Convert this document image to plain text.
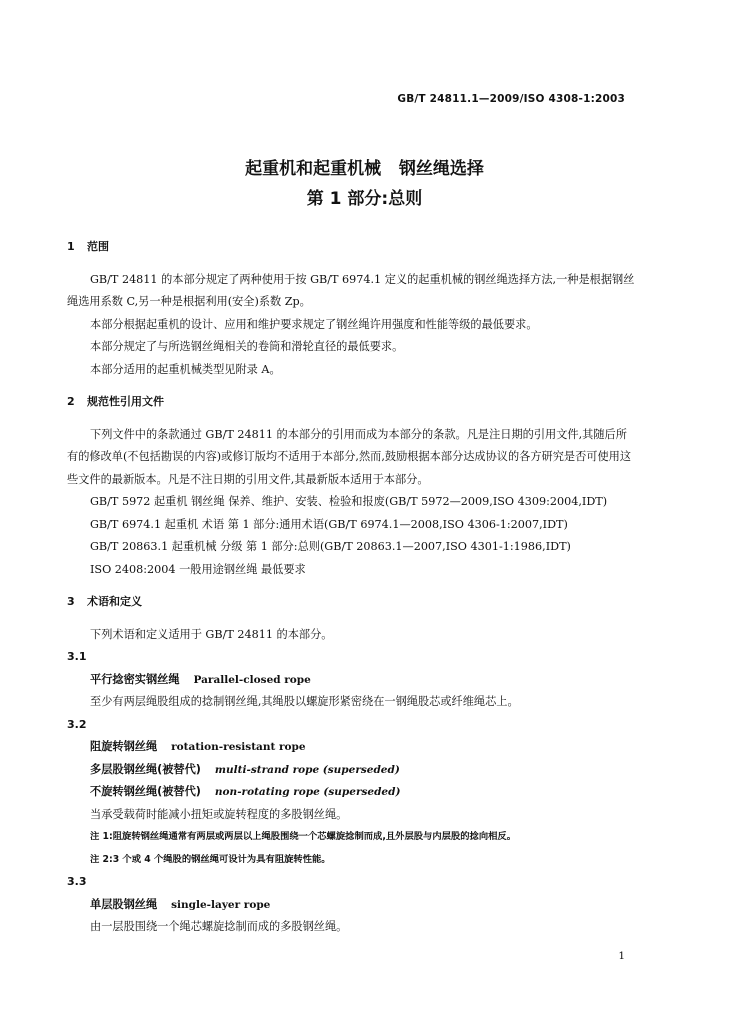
GB/T 24811.1—2009/ISO 4308-1:2003
起重机和起重机械   钢丝绳选择
第 1 部分:总则
1 范围

GB/T 24811 的本部分规定了两种使用于按 GB/T 6974.1 定义的起重机械的钢丝绳选择方法,一种是根据钢丝绳选用系数 C,另一种是根据利用(安全)系数 Zp。

本部分根据起重机的设计、应用和维护要求规定了钢丝绳许用强度和性能等级的最低要求。

本部分规定了与所选钢丝绳相关的卷筒和滑轮直径的最低要求。

本部分适用的起重机械类型见附录 A。

2 规范性引用文件

下列文件中的条款通过 GB/T 24811 的本部分的引用而成为本部分的条款。凡是注日期的引用文件,其随后所有的修改单(不包括勘误的内容)或修订版均不适用于本部分,然而,鼓励根据本部分达成协议的各方研究是否可使用这些文件的最新版本。凡是不注日期的引用文件,其最新版本适用于本部分。

GB/T 5972 起重机 钢丝绳 保养、维护、安装、检验和报废(GB/T 5972—2009,ISO 4309:2004,IDT)

GB/T 6974.1 起重机 术语 第 1 部分:通用术语(GB/T 6974.1—2008,ISO 4306-1:2007,IDT)

GB/T 20863.1 起重机械 分级 第 1 部分:总则(GB/T 20863.1—2007,ISO 4301-1:1986,IDT)

ISO 2408:2004 一般用途钢丝绳 最低要求

3 术语和定义

下列术语和定义适用于 GB/T 24811 的本部分。

3.1
平行捻密实钢丝绳 Parallel-closed rope

至少有两层绳股组成的捻制钢丝绳,其绳股以螺旋形紧密绕在一钢绳股芯或纤维绳芯上。

3.2
阻旋转钢丝绳 rotation-resistant rope
多层股钢丝绳(被替代) multi-strand rope (superseded)
不旋转钢丝绳(被替代) non-rotating rope (superseded)

当承受载荷时能减小扭矩或旋转程度的多股钢丝绳。

注 1:阻旋转钢丝绳通常有两层或两层以上绳股围绕一个芯螺旋捻制而成,且外层股与内层股的捻向相反。

注 2:3 个或 4 个绳股的钢丝绳可设计为具有阻旋转性能。

3.3
单层股钢丝绳 single-layer rope

由一层股围绕一个绳芯螺旋捻制而成的多股钢丝绳。

1
